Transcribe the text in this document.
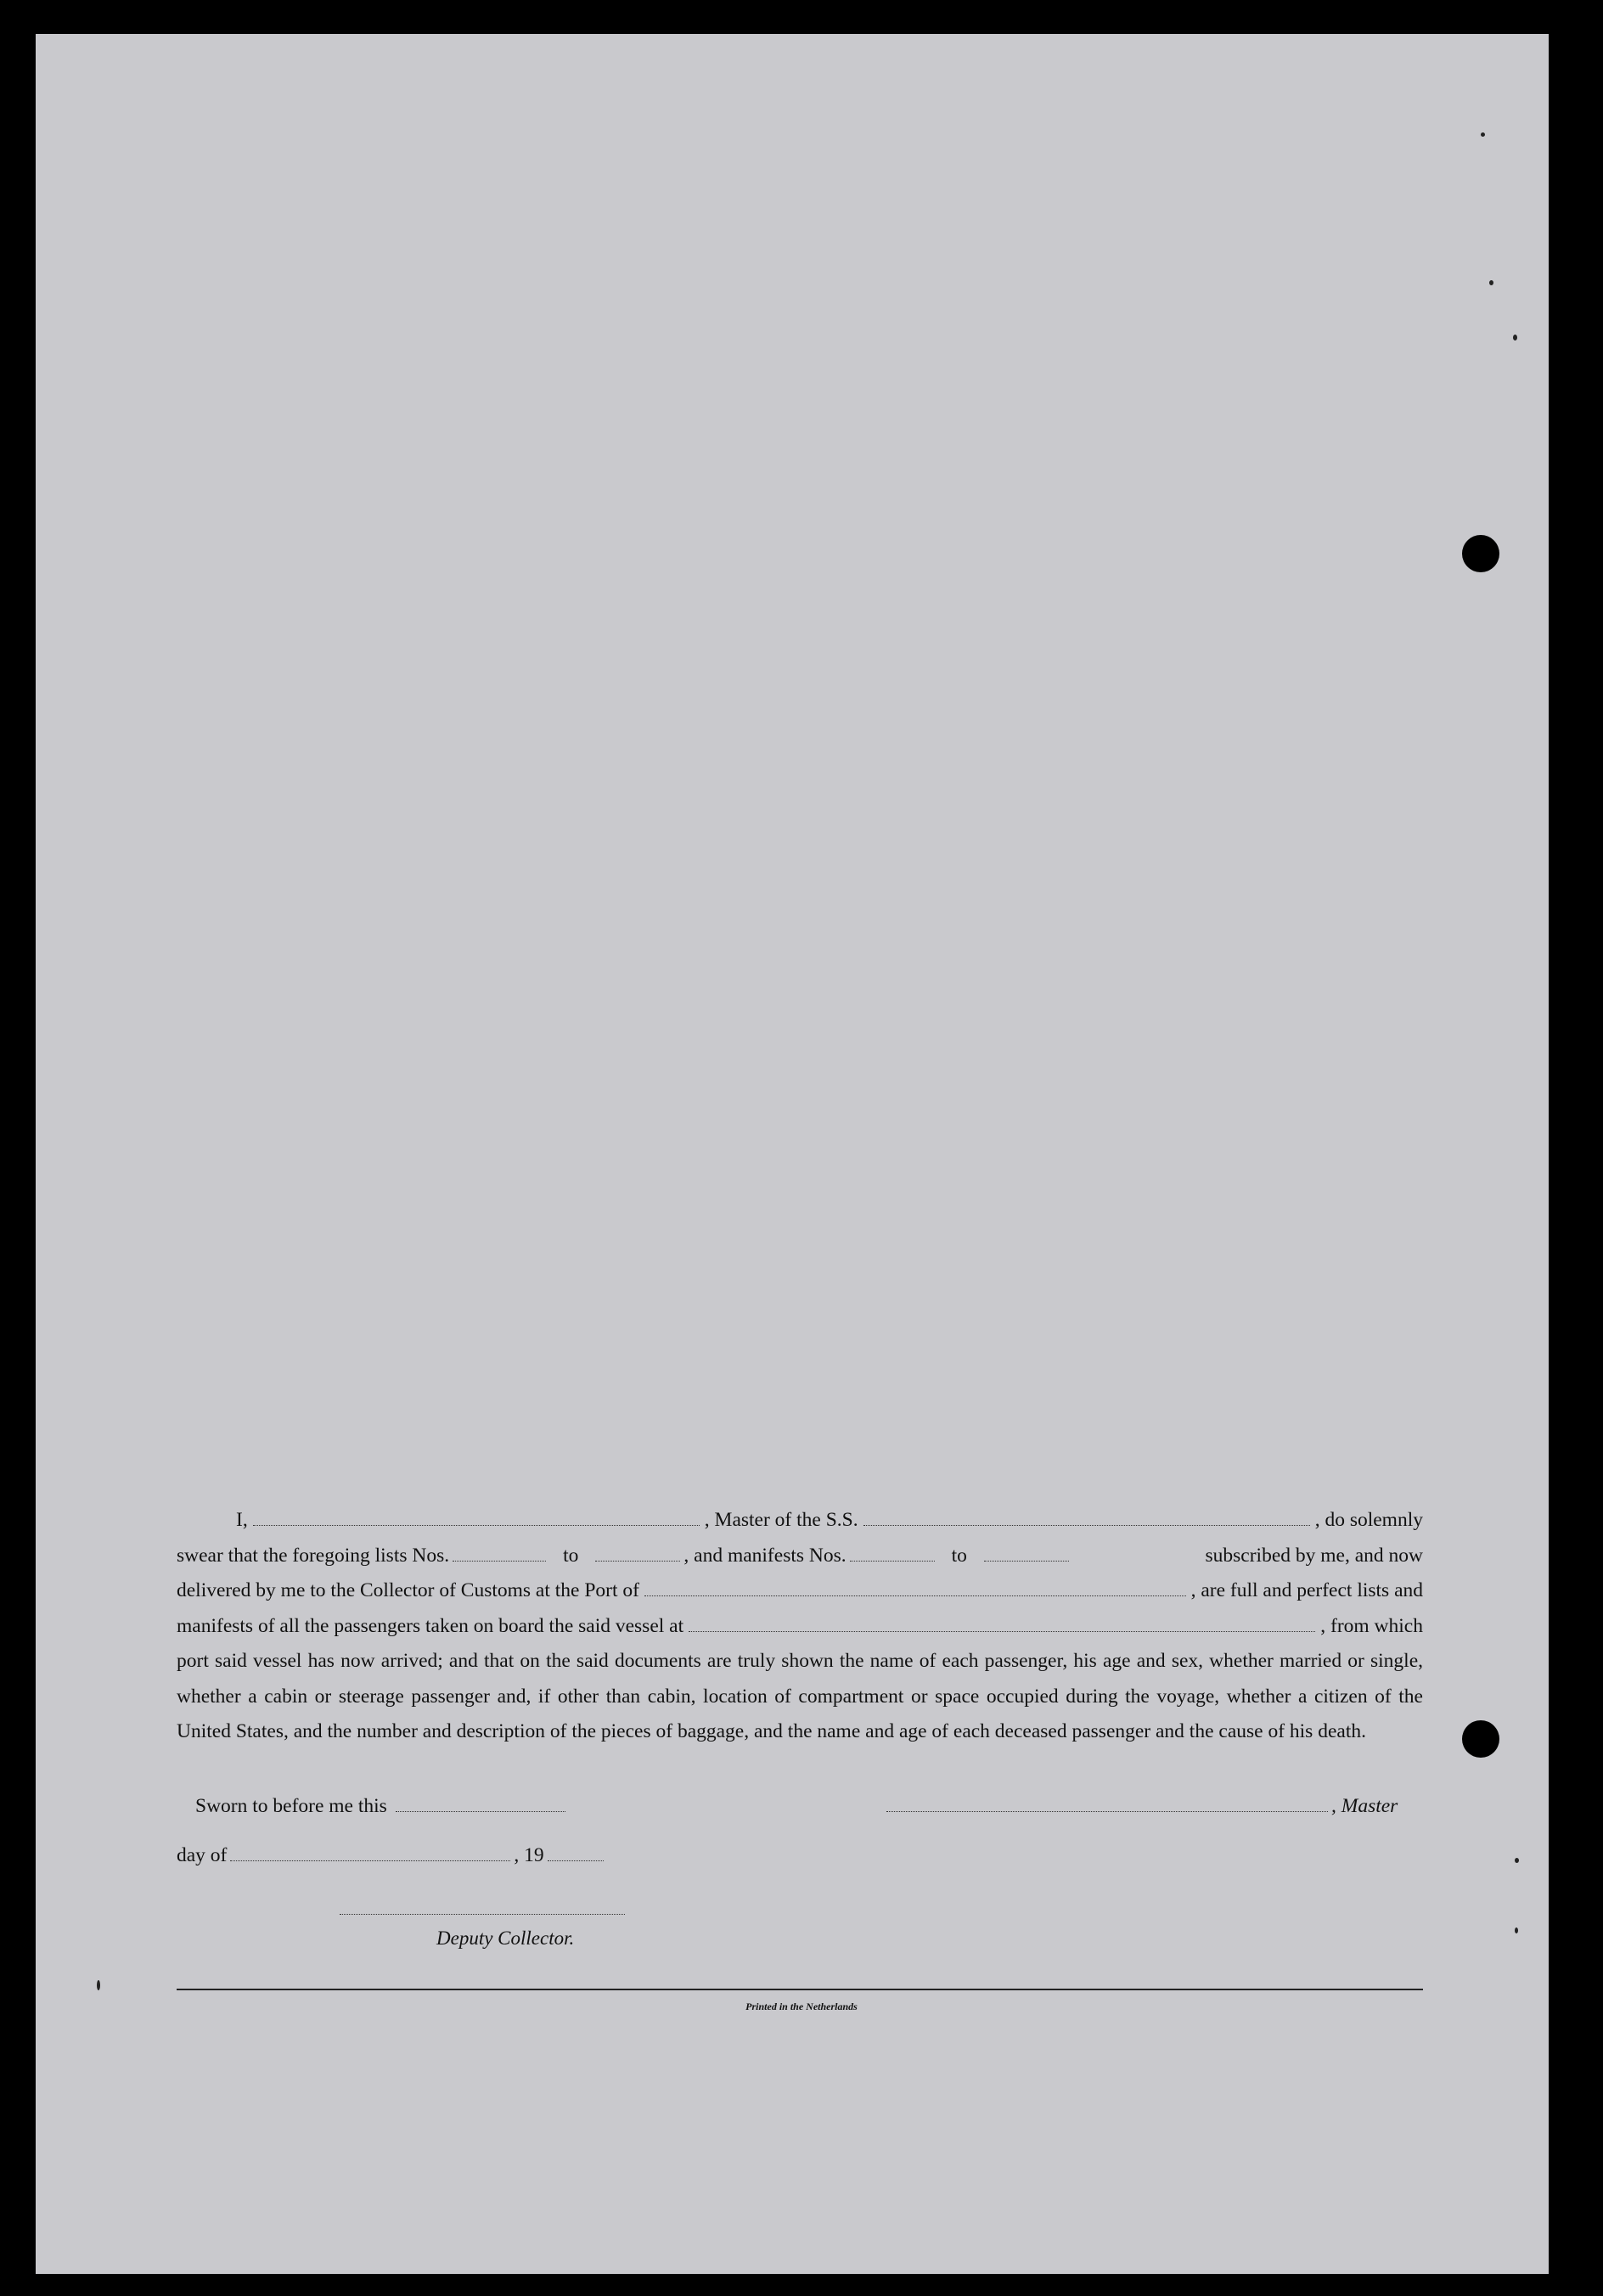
I,	, Master of the S.S.	, do solemnly
swear that the foregoing lists Nos.	to	, and manifests Nos.	to	subscribed by me, and now
delivered by me to the Collector of Customs at the Port of	, are full and perfect lists and
manifests of all the passengers taken on board the said vessel at	, from which

port said vessel has now arrived; and that on the said documents are truly shown the name of each passenger, his age and sex, whether married or single, whether a cabin or steerage passenger and, if other than cabin, location of compartment or space occupied during the voyage, whether a citizen of the United States, and the number and description of the pieces of baggage, and the name and age of each deceased passenger and the cause of his death.

Sworn to before me this	, Master
day of	, 19
Deputy Collector.
Printed in the Netherlands
